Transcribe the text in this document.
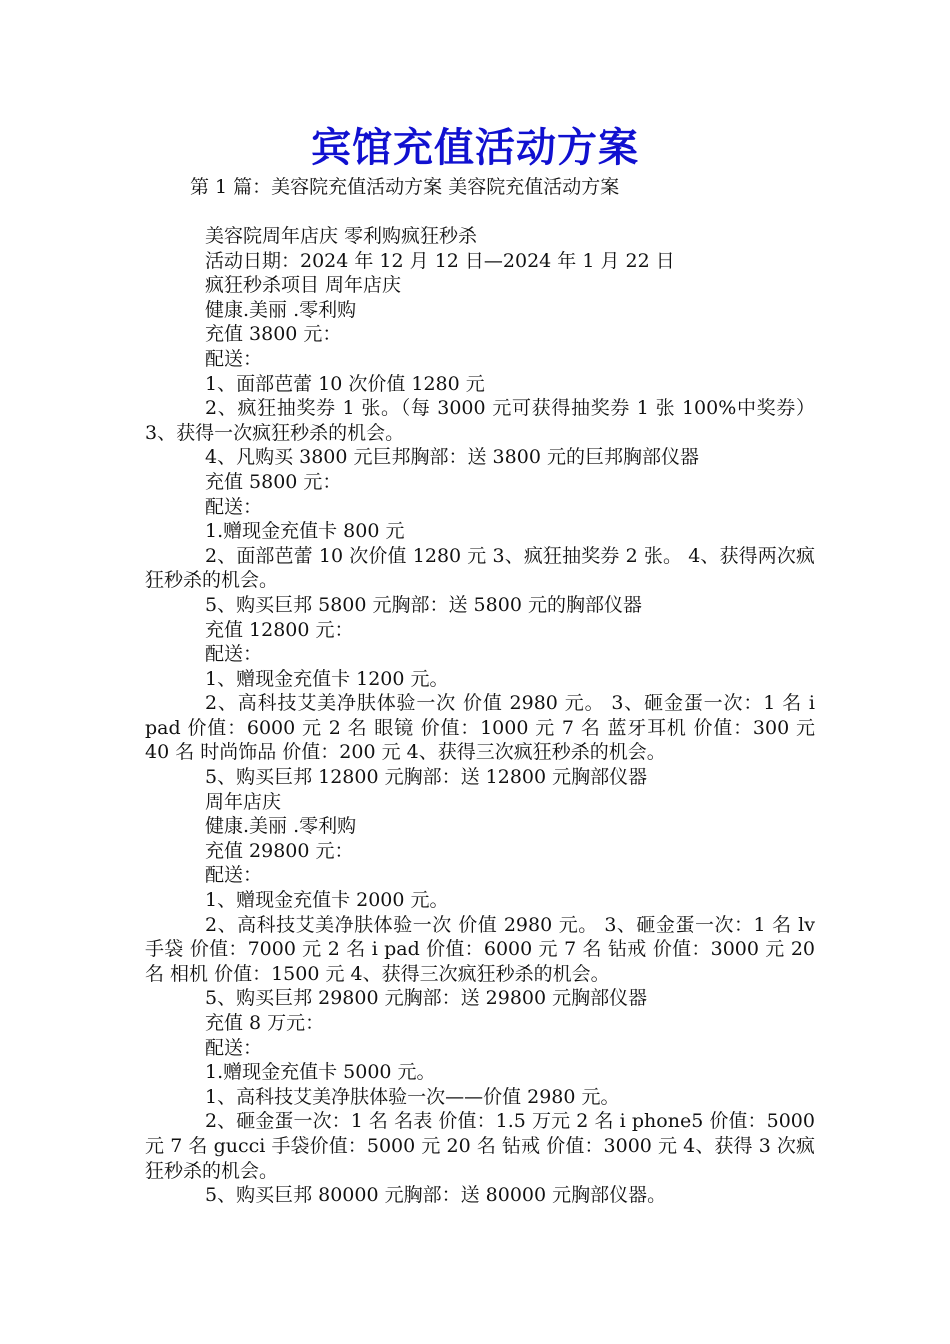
宾馆充值活动方案
第 1 篇：美容院充值活动方案 美容院充值活动方案

美容院周年店庆 零利购疯狂秒杀

活动日期：2024 年 12 月 12 日—2024 年 1 月 22 日

疯狂秒杀项目 周年店庆

健康.美丽 .零利购

充值 3800 元：

配送：

1、面部芭蕾 10 次价值 1280 元

2、疯狂抽奖券 1 张。（每 3000 元可获得抽奖券 1 张 100%中奖券） 3、获得一次疯狂秒杀的机会。

4、凡购买 3800 元巨邦胸部：送 3800 元的巨邦胸部仪器

充值 5800 元：

配送：

1.赠现金充值卡 800 元

2、面部芭蕾 10 次价值 1280 元 3、疯狂抽奖券 2 张。 4、获得两次疯狂秒杀的机会。

5、购买巨邦 5800 元胸部：送 5800 元的胸部仪器

充值 12800 元：

配送：

1、赠现金充值卡 1200 元。

2、高科技艾美净肤体验一次 价值 2980 元。 3、砸金蛋一次：1 名 i pad 价值：6000 元 2 名 眼镜 价值：1000 元 7 名 蓝牙耳机 价值：300 元 40 名 时尚饰品 价值：200 元 4、获得三次疯狂秒杀的机会。

5、购买巨邦 12800 元胸部：送 12800 元胸部仪器

周年店庆

健康.美丽 .零利购

充值 29800 元：

配送：

1、赠现金充值卡 2000 元。

2、高科技艾美净肤体验一次 价值 2980 元。 3、砸金蛋一次：1 名 lv 手袋 价值：7000 元 2 名 i pad 价值：6000 元 7 名 钻戒 价值：3000 元 20 名 相机 价值：1500 元 4、获得三次疯狂秒杀的机会。

5、购买巨邦 29800 元胸部：送 29800 元胸部仪器

充值 8 万元：

配送：

1.赠现金充值卡 5000 元。

1、高科技艾美净肤体验一次——价值 2980 元。

2、砸金蛋一次：1 名 名表 价值：1.5 万元 2 名 i phone5 价值：5000 元 7 名 gucci 手袋价值：5000 元 20 名 钻戒 价值：3000 元 4、获得 3 次疯狂秒杀的机会。

5、购买巨邦 80000 元胸部：送 80000 元胸部仪器。
